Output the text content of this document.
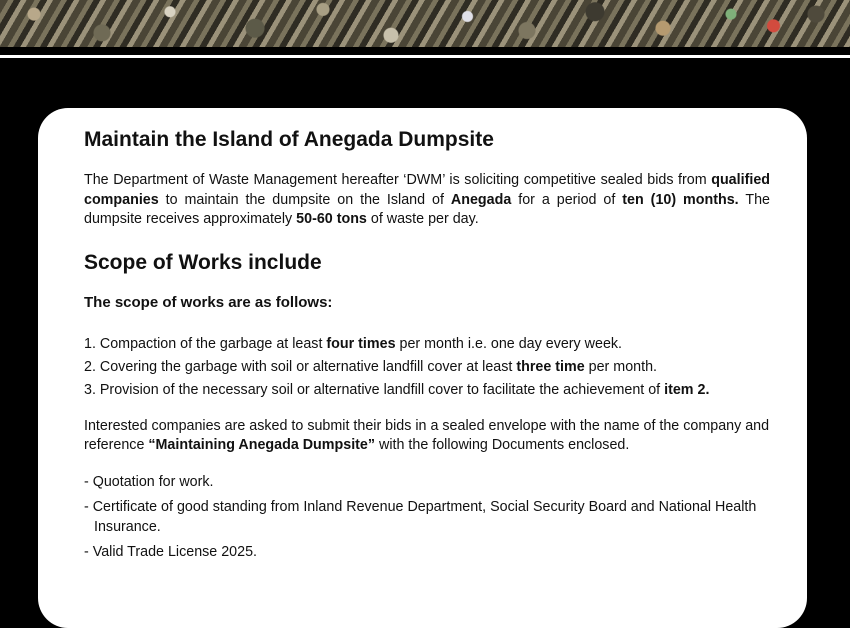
Maintain the Island of Anegada Dumpsite

The Department of Waste Management hereafter ‘DWM’ is soliciting competitive sealed bids from qualified companies to maintain the dumpsite on the Island of Anegada for a period of ten (10) months. The dumpsite receives approximately 50-60 tons of waste per day.

Scope of Works include
The scope of works are as follows:
1. Compaction of the garbage at least four times per month i.e. one day every week.
2. Covering the garbage with soil or alternative landfill cover at least three time per month.
3. Provision of the necessary soil or alternative landfill cover to facilitate the achievement of item 2.

Interested companies are asked to submit their bids in a sealed envelope with the name of the company and reference “Maintaining Anegada Dumpsite” with the following Documents enclosed.

- Quotation for work.
- Certificate of good standing from Inland Revenue Department, Social Security Board and National Health Insurance.
- Valid Trade License 2025.
